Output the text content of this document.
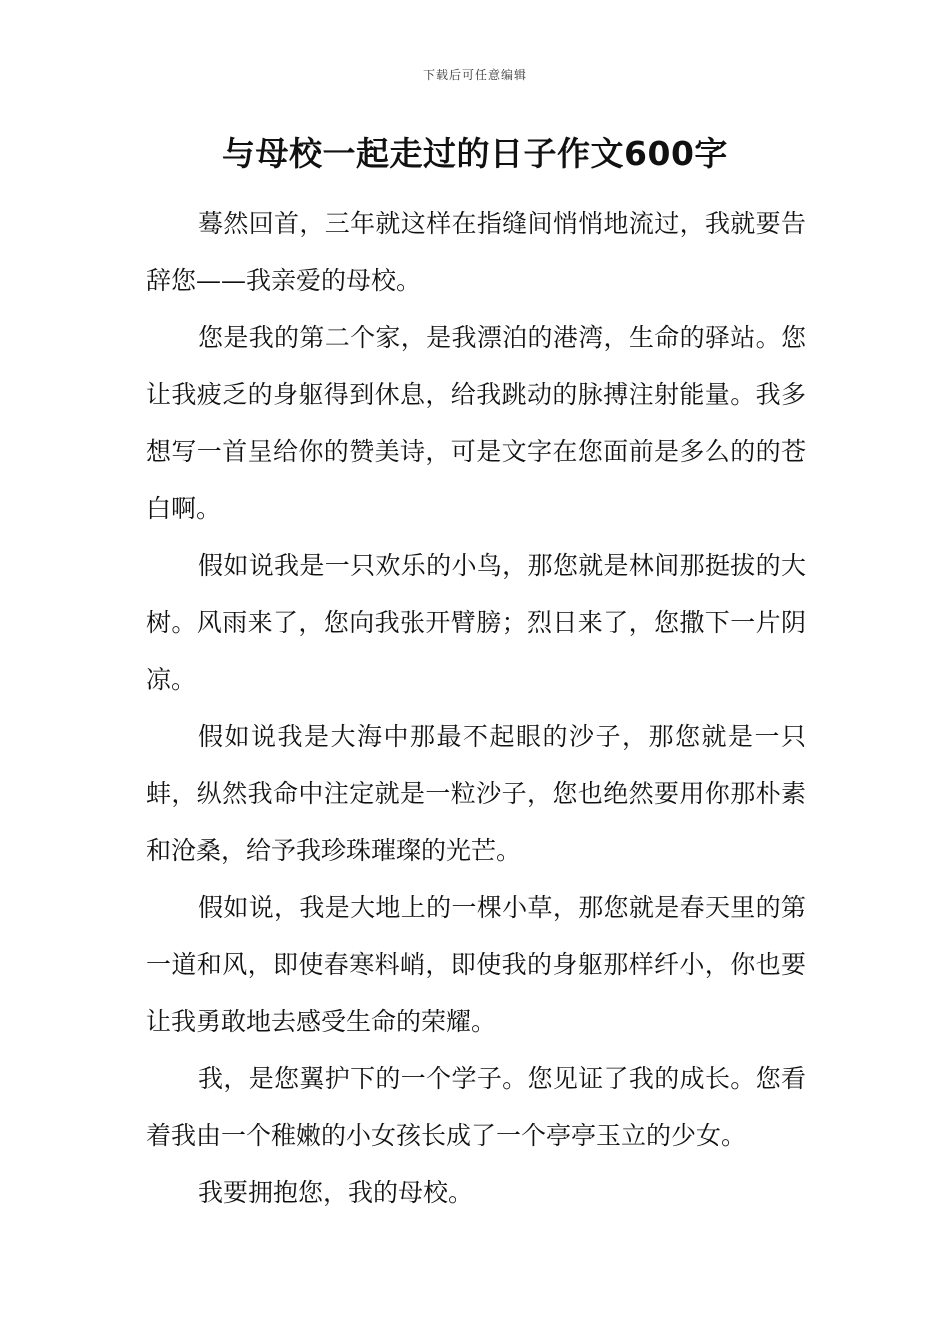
下载后可任意编辑
与母校一起走过的日子作文600字

蓦然回首，三年就这样在指缝间悄悄地流过，我就要告辞您——我亲爱的母校。

您是我的第二个家，是我漂泊的港湾，生命的驿站。您让我疲乏的身躯得到休息，给我跳动的脉搏注射能量。我多想写一首呈给你的赞美诗，可是文字在您面前是多么的的苍白啊。

假如说我是一只欢乐的小鸟，那您就是林间那挺拔的大树。风雨来了，您向我张开臂膀；烈日来了，您撒下一片阴凉。

假如说我是大海中那最不起眼的沙子，那您就是一只蚌，纵然我命中注定就是一粒沙子，您也绝然要用你那朴素和沧桑，给予我珍珠璀璨的光芒。

假如说，我是大地上的一棵小草，那您就是春天里的第一道和风，即使春寒料峭，即使我的身躯那样纤小，你也要让我勇敢地去感受生命的荣耀。

我，是您翼护下的一个学子。您见证了我的成长。您看着我由一个稚嫩的小女孩长成了一个亭亭玉立的少女。

我要拥抱您，我的母校。
